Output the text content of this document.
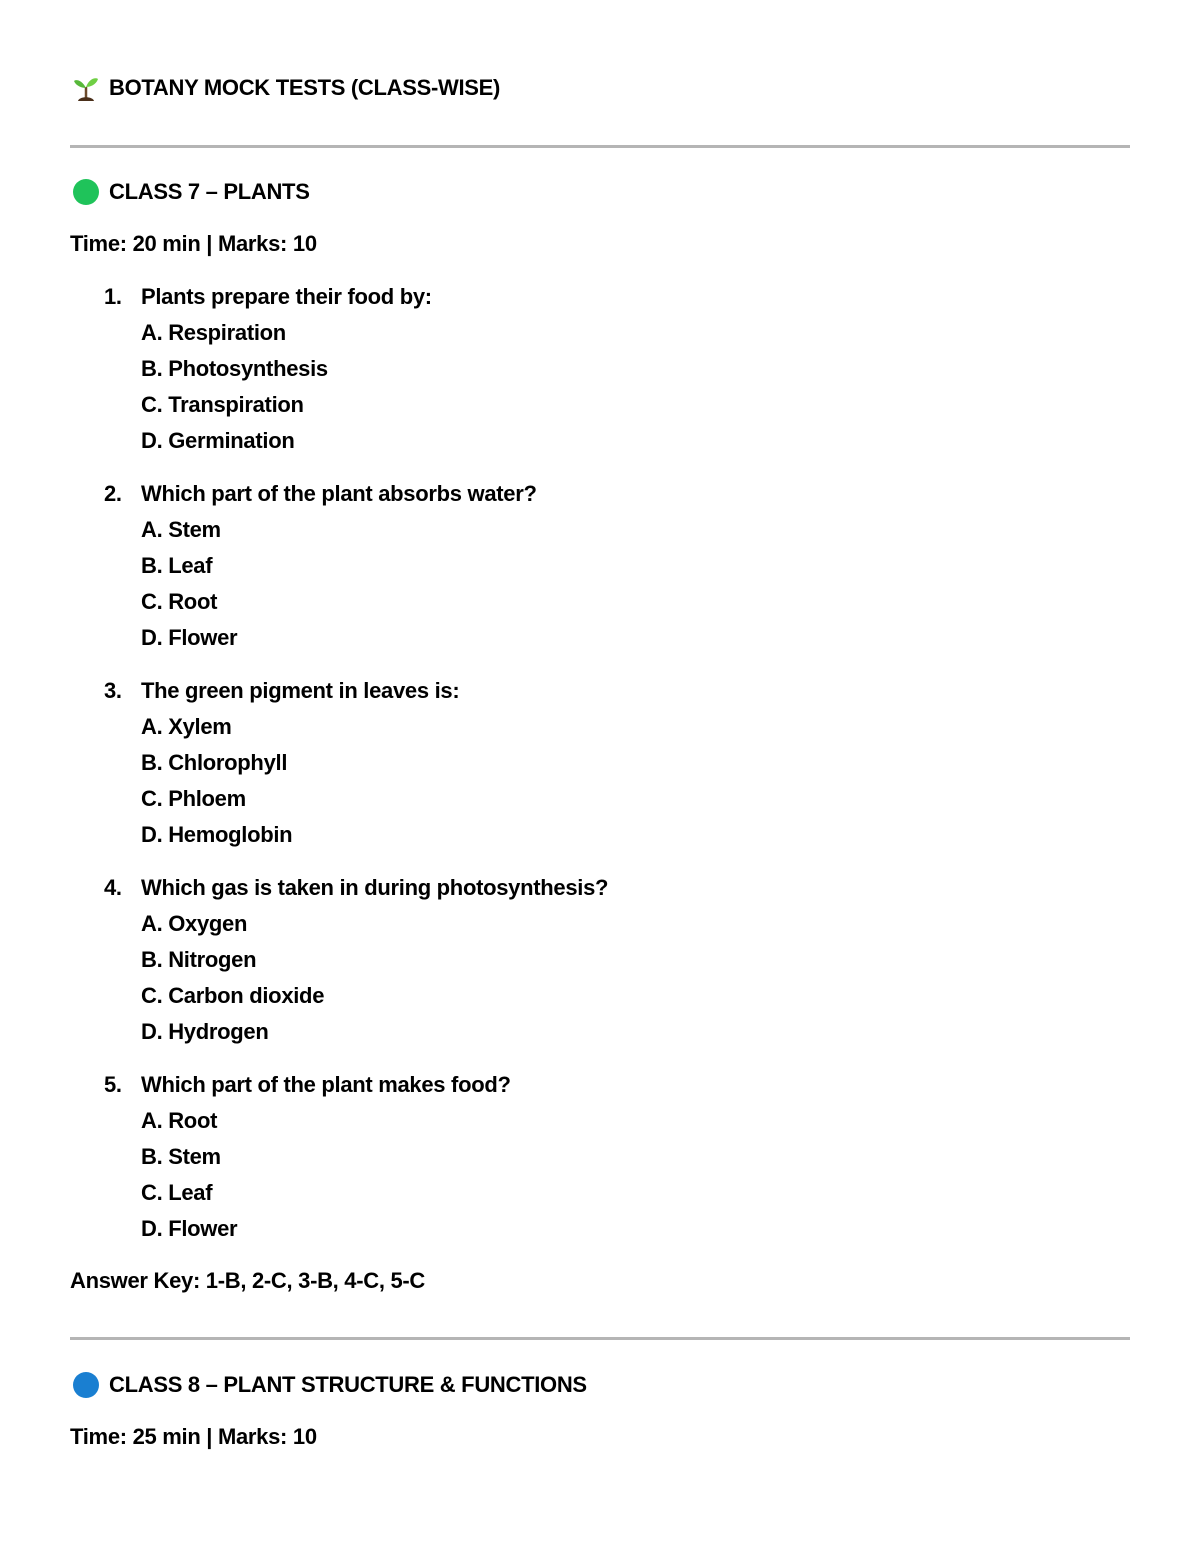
BOTANY MOCK TESTS (CLASS-WISE)
CLASS 7 – PLANTS
Time: 20 min | Marks: 10
1. Plants prepare their food by:
A. Respiration
B. Photosynthesis
C. Transpiration
D. Germination
2. Which part of the plant absorbs water?
A. Stem
B. Leaf
C. Root
D. Flower
3. The green pigment in leaves is:
A. Xylem
B. Chlorophyll
C. Phloem
D. Hemoglobin
4. Which gas is taken in during photosynthesis?
A. Oxygen
B. Nitrogen
C. Carbon dioxide
D. Hydrogen
5. Which part of the plant makes food?
A. Root
B. Stem
C. Leaf
D. Flower
Answer Key: 1-B, 2-C, 3-B, 4-C, 5-C
CLASS 8 – PLANT STRUCTURE & FUNCTIONS
Time: 25 min | Marks: 10
